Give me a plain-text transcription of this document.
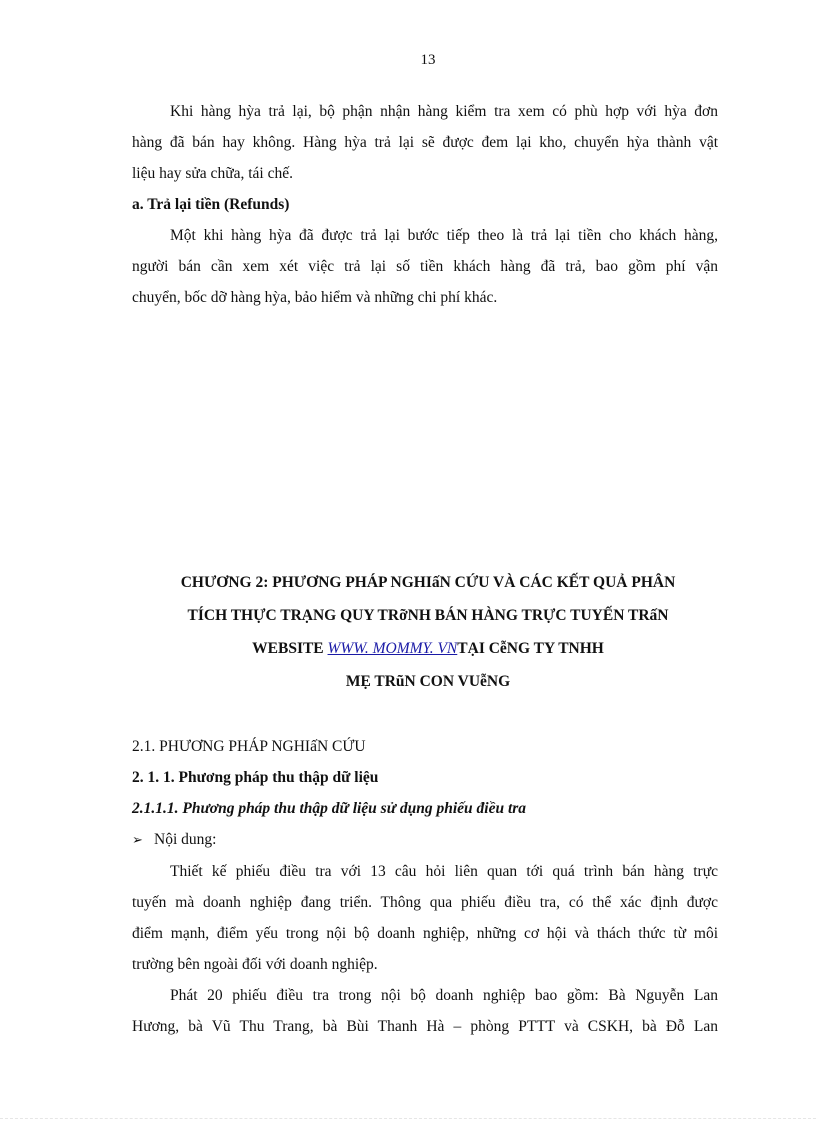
13
Khi hàng hỳa trả lại, bộ phận nhận hàng kiểm tra xem có phù hợp với hỳa đơn
hàng đã bán hay không. Hàng hỳa trả lại sẽ được đem lại kho, chuyển hỳa thành vật
liệu hay sửa chữa, tái chế.
a. Trả lại tiền (Refunds)
Một khi hàng hỳa đã được trả lại bước tiếp theo là trả lại tiền cho khách hàng,
người bán cần xem xét việc trả lại số tiền khách hàng đã trả, bao gồm phí vận
chuyển, bốc dỡ hàng hỳa, bảo hiểm và những chi phí khác.
CHƯƠNG 2: PHƯƠNG PHÁP NGHIấN CỨU VÀ CÁC KẾT QUẢ PHÂN
TÍCH THỰC TRẠNG QUY TRỡNH BÁN HÀNG TRỰC TUYẾN TRấN
WEBSITE WWW. MOMMY. VNTẠI CễNG TY TNHH
MẸ TRũN CON VUễNG
2.1. PHƯƠNG PHÁP NGHIấN CỨU
2. 1. 1. Phương pháp thu thập dữ liệu
2.1.1.1. Phương pháp thu thập dữ liệu sử dụng phiếu điều tra
➢ Nội dung:
Thiết kế phiếu điều tra với 13 câu hỏi liên quan tới quá trình bán hàng trực
tuyến mà doanh nghiệp đang triển. Thông qua phiếu điều tra, có thể xác định được
điểm mạnh, điểm yếu trong nội bộ doanh nghiệp, những cơ hội và thách thức từ môi
trường bên ngoài đối với doanh nghiệp.
Phát 20 phiếu điều tra trong nội bộ doanh nghiệp bao gồm: Bà Nguyễn Lan
Hương, bà Vũ Thu Trang, bà Bùi Thanh Hà – phòng PTTT và CSKH, bà Đỗ Lan
